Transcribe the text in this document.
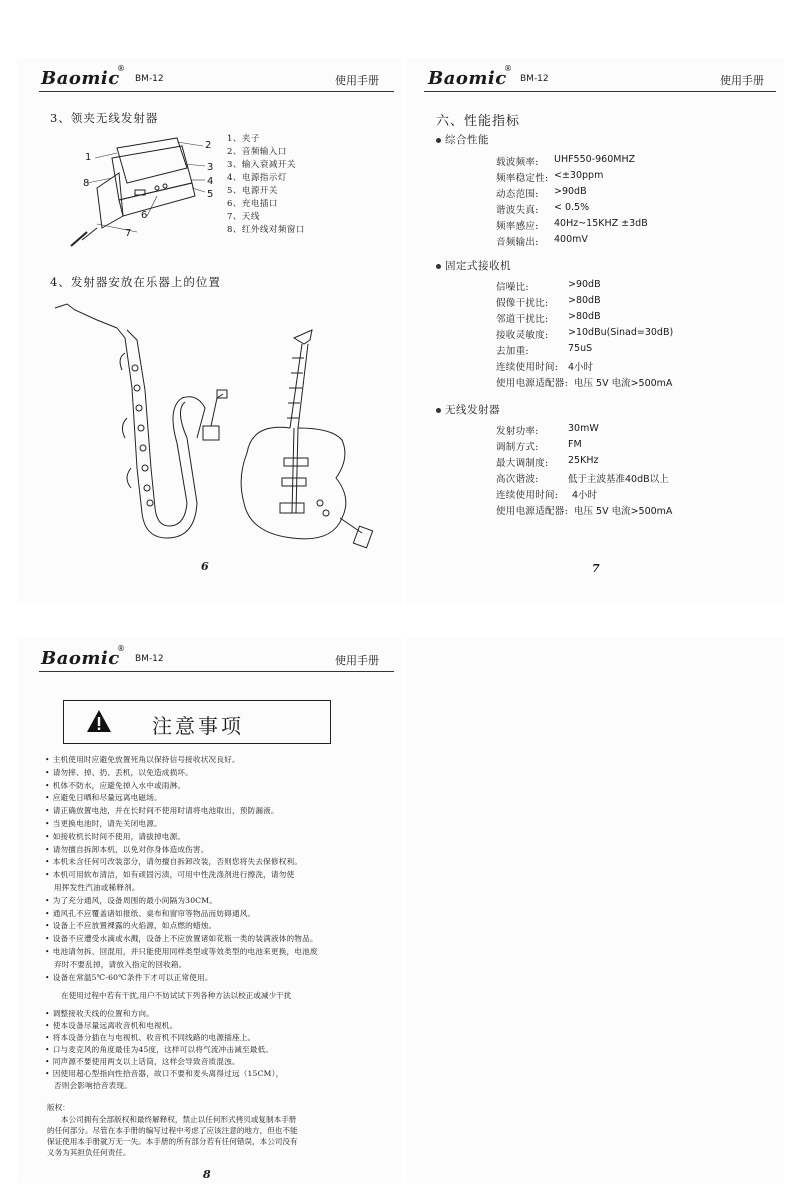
Baomic
®
BM-12	使用手册
3、领夹无线发射器
1
2
3
4
5
6
7
8
1、夹子
2、音频输入口
3、输入衰减开关
4、电源指示灯
5、电源开关
6、充电插口
7、天线
8、红外线对频窗口
4、发射器安放在乐器上的位置
6
Baomic
®
BM-12	使用手册
六、性能指标
综合性能
载波频率: UHF550-960MHZ
频率稳定性: <±30ppm
动态范围: >90dB
谐波失真: < 0.5%
频率感应: 40Hz~15KHZ ±3dB
音频输出: 400mV
固定式接收机
信噪比:	>90dB
假像干扰比: >80dB
邻道干扰比: >80dB
接收灵敏度: >10dBu(Sinad=30dB)
去加重:	75uS
连续使用时间: 4小时
使用电源适配器: 电压 5V 电流>500mA
无线发射器
发射功率:	30mW
调制方式:	FM
最大调制度: 25KHz
高次谐波:	低于主波基准40dB以上
连续使用时间: 4小时
使用电源适配器: 电压 5V 电流>500mA
7
Baomic
®
BM-12	使用手册
注意事项
• 主机使用时应避免放置死角以保持信号接收状况良好。
• 请勿摔、掉、扔、丢机，以免造成损坏。
• 机体不防水，应避免掉入水中或雨淋。
• 应避免日晒和尽量远离电磁场。
• 请正确放置电池，并在长时间不使用时请将电池取出，预防漏液。
• 当更换电池时，请先关闭电源。
• 如接收机长时间不使用，请拔掉电源。
• 请勿擅自拆卸本机，以免对你身体造成伤害。
• 本机未含任何可改装部分，请勿擅自拆卸改装，否则您将失去保修权利。
• 本机可用软布清洁，如有顽固污渍，可用中性洗涤剂进行擦洗，请勿使
用挥发性汽油或稀释剂。
• 为了充分通风，设备周围的最小间隔为30CM。
• 通风孔不应覆盖诸如报纸、桌布和窗帘等物品而妨碍通风。
• 设备上不应放置裸露的火焰源，如点燃的蜡烛。
• 设备不应遭受水滴或水溅，设备上不应放置诸如花瓶一类的装满液体的物品。
• 电池请勿拆、回混用，并只能使用同样类型或等效类型的电池来更换，电池废
弃时不要乱掉，请放入指定的回收箱。
• 设备在常温5℃-60℃条件下才可以正常使用。
在使用过程中若有干扰,用户不妨试试下列各种方法以校正或减少干扰
• 调整接收天线的位置和方向。
• 使本设备尽量远离收音机和电视机。
• 将本设备分插在与电视机、收音机不同线路的电源插座上。
• 口与麦克风的角度最佳为45度，这样可以将气流冲击减至最低。
• 同声源不要使用两支以上话筒，这样会导致音质混浊。
• 因使用超心型指向性拾音器，故口不要和麦头离得过远（15CM），
否则会影响拾音表现。
版权：
本公司拥有全部版权和最终解释权，禁止以任何形式拷贝或复制本手册
的任何部分。尽管在本手册的编写过程中考虑了应该注意的地方，但也不能
保证使用本手册就万无一失。本手册的所有部分若有任何错误，本公司没有
义务为其担负任何责任。
8
